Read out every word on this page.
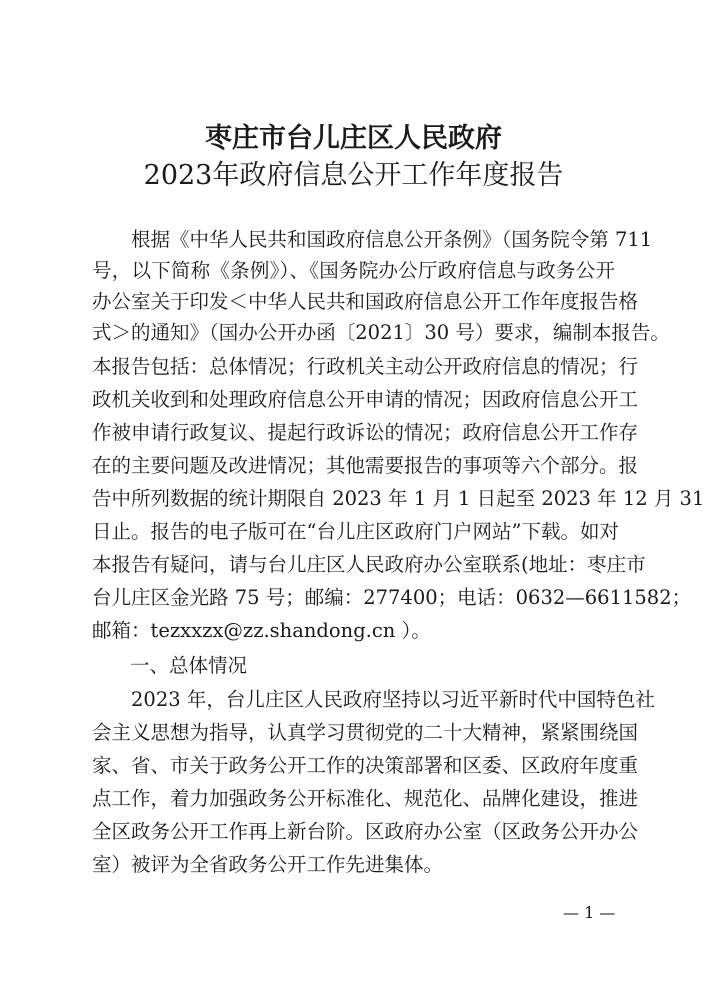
枣庄市台儿庄区人民政府
2023年政府信息公开工作年度报告
　　根据《中华人民共和国政府信息公开条例》（国务院令第 711
号，以下简称《条例》）、《国务院办公厅政府信息与政务公开
办公室关于印发＜中华人民共和国政府信息公开工作年度报告格
式＞的通知》（国办公开办函〔2021〕30 号）要求，编制本报告。
本报告包括：总体情况；行政机关主动公开政府信息的情况；行
政机关收到和处理政府信息公开申请的情况；因政府信息公开工
作被申请行政复议、提起行政诉讼的情况；政府信息公开工作存
在的主要问题及改进情况；其他需要报告的事项等六个部分。报
告中所列数据的统计期限自 2023 年 1 月 1 日起至 2023 年 12 月 31
日止。报告的电子版可在“台儿庄区政府门户网站”下载。如对
本报告有疑问，请与台儿庄区人民政府办公室联系(地址：枣庄市
台儿庄区金光路 75 号；邮编：277400；电话：0632—6611582；
邮箱：tezxxzx@zz.shandong.cn ）。
一、总体情况
　　2023 年，台儿庄区人民政府坚持以习近平新时代中国特色社
会主义思想为指导，认真学习贯彻党的二十大精神，紧紧围绕国
家、省、市关于政务公开工作的决策部署和区委、区政府年度重
点工作，着力加强政务公开标准化、规范化、品牌化建设，推进
全区政务公开工作再上新台阶。区政府办公室（区政务公开办公
室）被评为全省政务公开工作先进集体。
— 1 —
